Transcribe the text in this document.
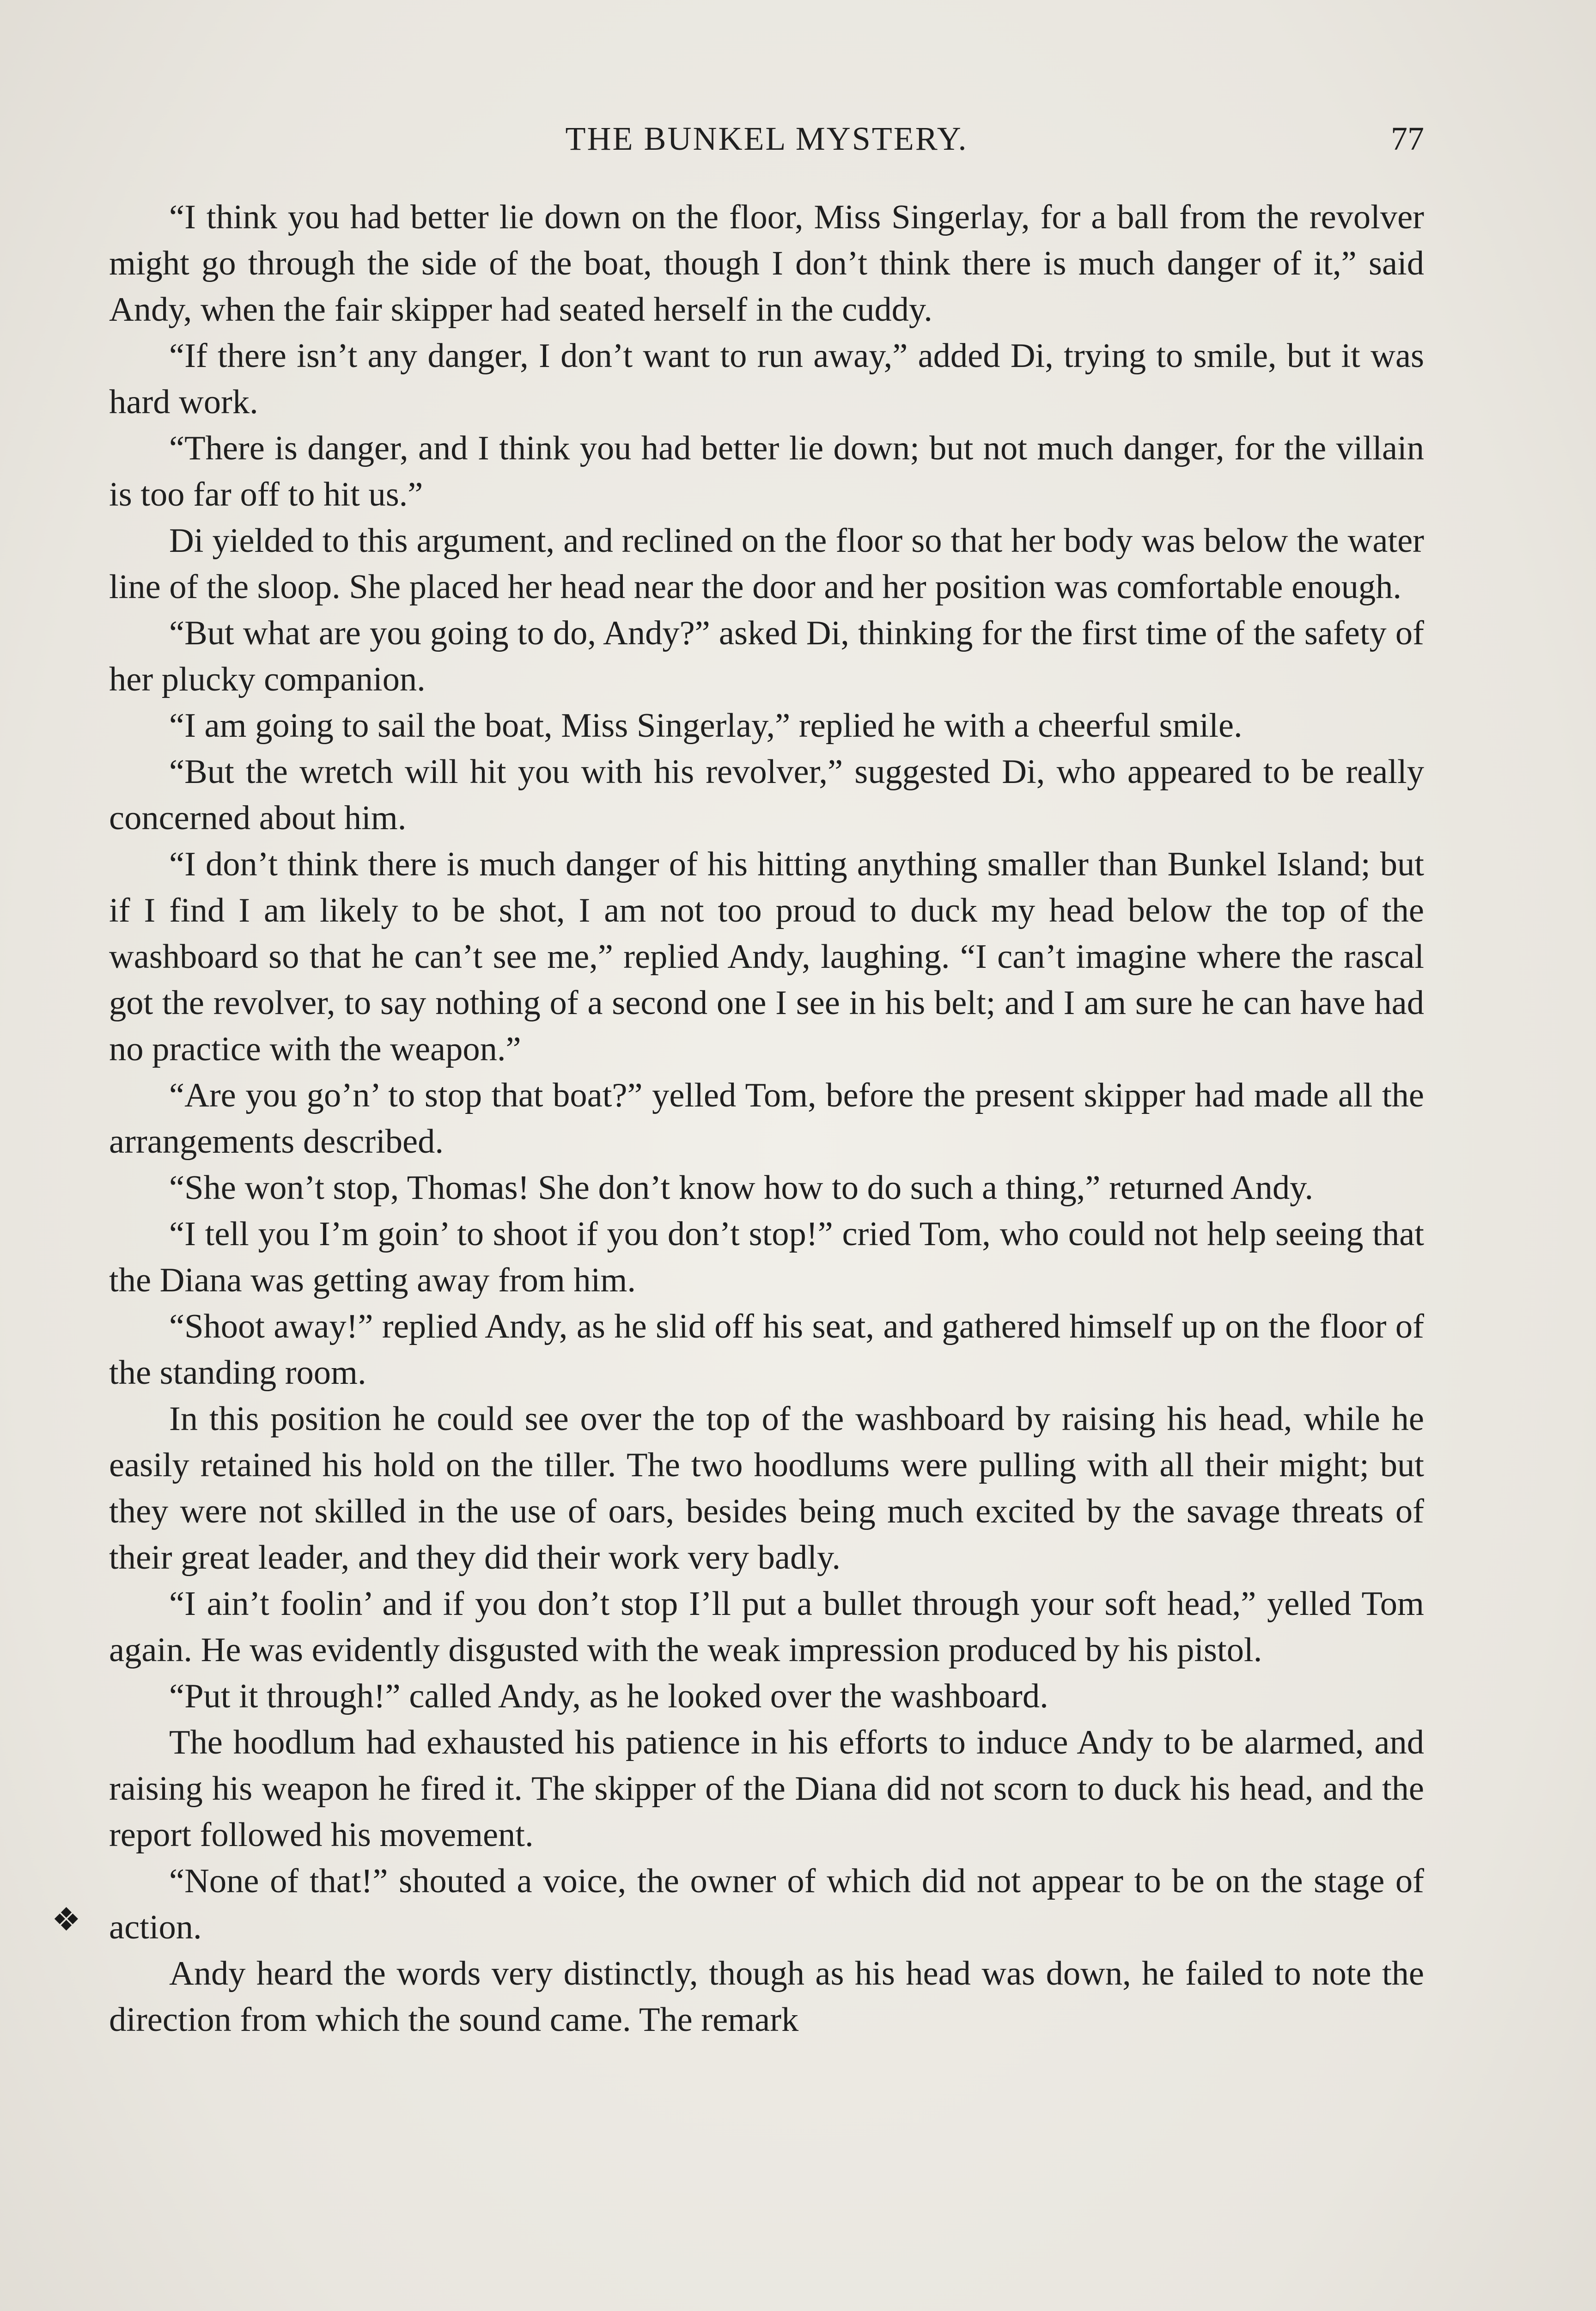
THE BUNKEL MYSTERY.	77

“I think you had better lie down on the floor, Miss Singerlay, for a ball from the revolver might go through the side of the boat, though I don’t think there is much danger of it,” said Andy, when the fair skipper had seated herself in the cuddy.

“If there isn’t any danger, I don’t want to run away,” added Di, trying to smile, but it was hard work.

“There is danger, and I think you had better lie down; but not much danger, for the villain is too far off to hit us.”

Di yielded to this argument, and reclined on the floor so that her body was below the water line of the sloop. She placed her head near the door and her position was comfortable enough.

“But what are you going to do, Andy?” asked Di, thinking for the first time of the safety of her plucky companion.

“I am going to sail the boat, Miss Singerlay,” replied he with a cheerful smile.

“But the wretch will hit you with his revolver,” suggested Di, who appeared to be really concerned about him.

“I don’t think there is much danger of his hitting anything smaller than Bunkel Island; but if I find I am likely to be shot, I am not too proud to duck my head below the top of the washboard so that he can’t see me,” replied Andy, laughing. “I can’t imagine where the rascal got the revolver, to say nothing of a second one I see in his belt; and I am sure he can have had no practice with the weapon.”

“Are you go’n’ to stop that boat?” yelled Tom, before the present skipper had made all the arrangements described.

“She won’t stop, Thomas! She don’t know how to do such a thing,” returned Andy.

“I tell you I’m goin’ to shoot if you don’t stop!” cried Tom, who could not help seeing that the Diana was getting away from him.

“Shoot away!” replied Andy, as he slid off his seat, and gathered himself up on the floor of the standing room.

In this position he could see over the top of the washboard by raising his head, while he easily retained his hold on the tiller. The two hoodlums were pulling with all their might; but they were not skilled in the use of oars, besides being much excited by the savage threats of their great leader, and they did their work very badly.

“I ain’t foolin’ and if you don’t stop I’ll put a bullet through your soft head,” yelled Tom again. He was evidently disgusted with the weak impression produced by his pistol.

“Put it through!” called Andy, as he looked over the washboard.

The hoodlum had exhausted his patience in his efforts to induce Andy to be alarmed, and raising his weapon he fired it. The skipper of the Diana did not scorn to duck his head, and the report followed his movement.

“None of that!” shouted a voice, the owner of which did not appear to be on the stage of action.

Andy heard the words very distinctly, though as his head was down, he failed to note the direction from which the sound came. The remark

❖
